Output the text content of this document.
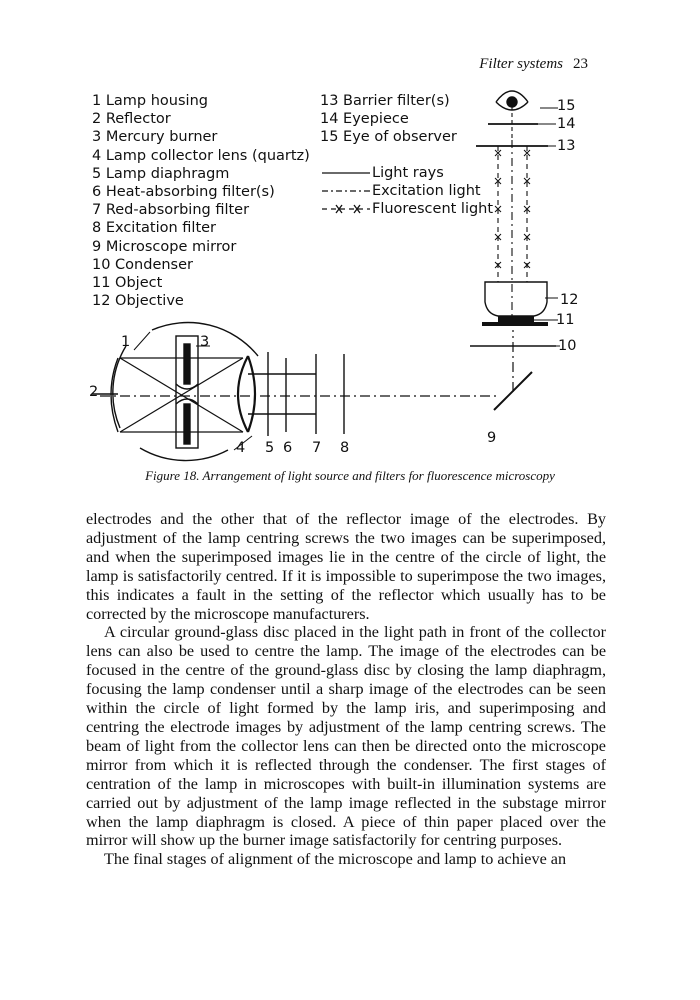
Filter systems 23
1 Lamp housing
2 Reflector
3 Mercury burner
4 Lamp collector lens (quartz)
5 Lamp diaphragm
6 Heat-absorbing filter(s)
7 Red-absorbing filter
8 Excitation filter
9 Microscope mirror
10 Condenser
11 Object
12 Objective
13 Barrier filter(s)
14 Eyepiece
15 Eye of observer
Light rays
Excitation light
Fluorescent light
1
2
3
4 5 6 7 8
9
10
11
12
13
14
15
Figure 18. Arrangement of light source and filters for fluorescence microscopy

electrodes and the other that of the reflector image of the electrodes. By adjustment of the lamp centring screws the two images can be superimposed, and when the superimposed images lie in the centre of the circle of light, the lamp is satisfactorily centred. If it is impossible to superimpose the two images, this indicates a fault in the setting of the reflector which usually has to be corrected by the microscope manufacturers.

A circular ground-glass disc placed in the light path in front of the collector lens can also be used to centre the lamp. The image of the electrodes can be focused in the centre of the ground-glass disc by closing the lamp diaphragm, focusing the lamp condenser until a sharp image of the electrodes can be seen within the circle of light formed by the lamp iris, and superimposing and centring the electrode images by adjustment of the lamp centring screws. The beam of light from the collector lens can then be directed onto the microscope mirror from which it is reflected through the condenser. The first stages of centration of the lamp in microscopes with built-in illumination systems are carried out by adjustment of the lamp image reflected in the substage mirror when the lamp diaphragm is closed. A piece of thin paper placed over the mirror will show up the burner image satisfactorily for centring purposes.

The final stages of alignment of the microscope and lamp to achieve an
